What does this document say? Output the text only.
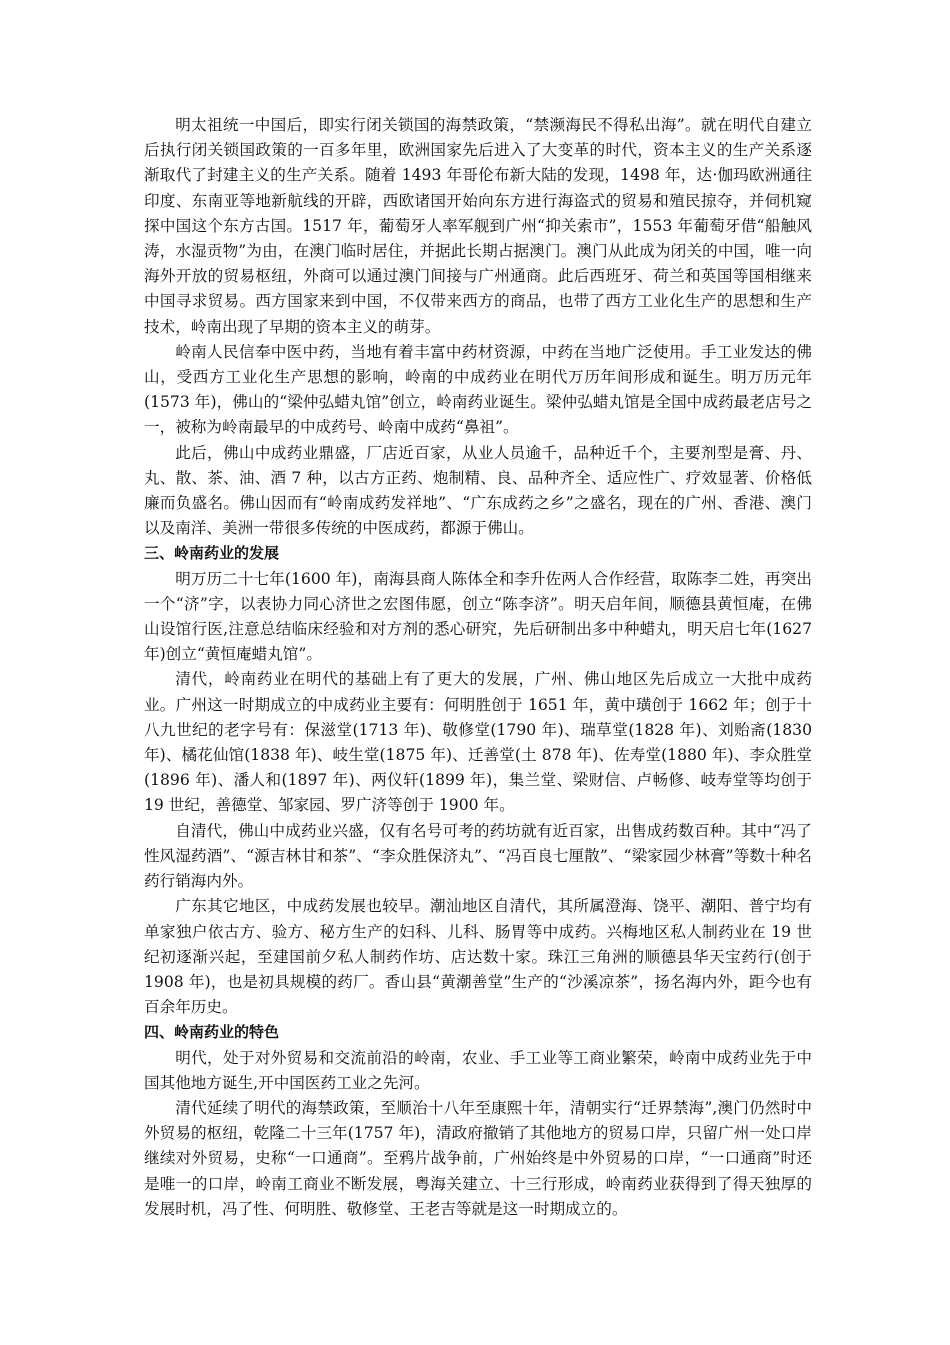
明太祖统一中国后，即实行闭关锁国的海禁政策，“禁濒海民不得私出海”。就在明代自建立后执行闭关锁国政策的一百多年里，欧洲国家先后进入了大变革的时代，资本主义的生产关系逐渐取代了封建主义的生产关系。随着 1493 年哥伦布新大陆的发现，1498 年，达·伽玛欧洲通往印度、东南亚等地新航线的开辟，西欧诸国开始向东方进行海盗式的贸易和殖民掠夺，并伺机窥探中国这个东方古国。1517 年，葡萄牙人率军舰到广州“抑关索市”，1553 年葡萄牙借“船触风涛，水湿贡物”为由，在澳门临时居住，并据此长期占据澳门。澳门从此成为闭关的中国，唯一向海外开放的贸易枢纽，外商可以通过澳门间接与广州通商。此后西班牙、荷兰和英国等国相继来中国寻求贸易。西方国家来到中国，不仅带来西方的商品，也带了西方工业化生产的思想和生产技术，岭南出现了早期的资本主义的萌芽。

岭南人民信奉中医中药，当地有着丰富中药材资源，中药在当地广泛使用。手工业发达的佛山，受西方工业化生产思想的影响，岭南的中成药业在明代万历年间形成和诞生。明万历元年(1573 年)，佛山的“梁仲弘蜡丸馆”创立，岭南药业诞生。梁仲弘蜡丸馆是全国中成药最老店号之一，被称为岭南最早的中成药号、岭南中成药“鼻祖”。

此后，佛山中成药业鼎盛，厂店近百家，从业人员逾千，品种近千个，主要剂型是膏、丹、丸、散、茶、油、酒 7 种，以古方正药、炮制精、良、品种齐全、适应性广、疗效显著、价格低廉而负盛名。佛山因而有“岭南成药发祥地”、“广东成药之乡”之盛名，现在的广州、香港、澳门以及南洋、美洲一带很多传统的中医成药，都源于佛山。

三、岭南药业的发展

明万历二十七年(1600 年)，南海县商人陈体全和李升佐两人合作经营，取陈李二姓，再突出一个“济”字，以表协力同心济世之宏图伟愿，创立“陈李济”。明天启年间，顺德县黄恒庵，在佛山设馆行医,注意总结临床经验和对方剂的悉心研究，先后研制出多中种蜡丸，明天启七年(1627 年)创立“黄恒庵蜡丸馆”。

清代，岭南药业在明代的基础上有了更大的发展，广州、佛山地区先后成立一大批中成药业。广州这一时期成立的中成药业主要有：何明胜创于 1651 年，黄中璜创于 1662 年；创于十八九世纪的老字号有：保滋堂(1713 年)、敬修堂(1790 年)、瑞草堂(1828 年)、刘贻斋(1830 年)、橘花仙馆(1838 年)、岐生堂(1875 年)、迁善堂(土 878 年)、佐寿堂(1880 年)、李众胜堂(1896 年)、潘人和(1897 年)、两仪轩(1899 年)，集兰堂、梁财信、卢畅修、岐寿堂等均创于 19 世纪，善德堂、邹家园、罗广济等创于 1900 年。

自清代，佛山中成药业兴盛，仅有名号可考的药坊就有近百家，出售成药数百种。其中“冯了性风湿药酒”、“源吉林甘和茶”、“李众胜保济丸”、“冯百良七厘散”、“梁家园少林膏”等数十种名药行销海内外。

广东其它地区，中成药发展也较早。潮汕地区自清代，其所属澄海、饶平、潮阳、普宁均有单家独户依古方、验方、秘方生产的妇科、儿科、肠胃等中成药。兴梅地区私人制药业在 19 世纪初逐渐兴起，至建国前夕私人制药作坊、店达数十家。珠江三角洲的顺德县华天宝药行(创于 1908 年)，也是初具规模的药厂。香山县“黄潮善堂”生产的“沙溪凉茶”，扬名海内外，距今也有百余年历史。

四、岭南药业的特色

明代，处于对外贸易和交流前沿的岭南，农业、手工业等工商业繁荣，岭南中成药业先于中国其他地方诞生,开中国医药工业之先河。

清代延续了明代的海禁政策，至顺治十八年至康熙十年，清朝实行“迁界禁海”,澳门仍然时中外贸易的枢纽，乾隆二十三年(1757 年)，清政府撤销了其他地方的贸易口岸，只留广州一处口岸继续对外贸易，史称“一口通商”。至鸦片战争前，广州始终是中外贸易的口岸，“一口通商”时还是唯一的口岸，岭南工商业不断发展，粤海关建立、十三行形成，岭南药业获得到了得天独厚的发展时机，冯了性、何明胜、敬修堂、王老吉等就是这一时期成立的。
